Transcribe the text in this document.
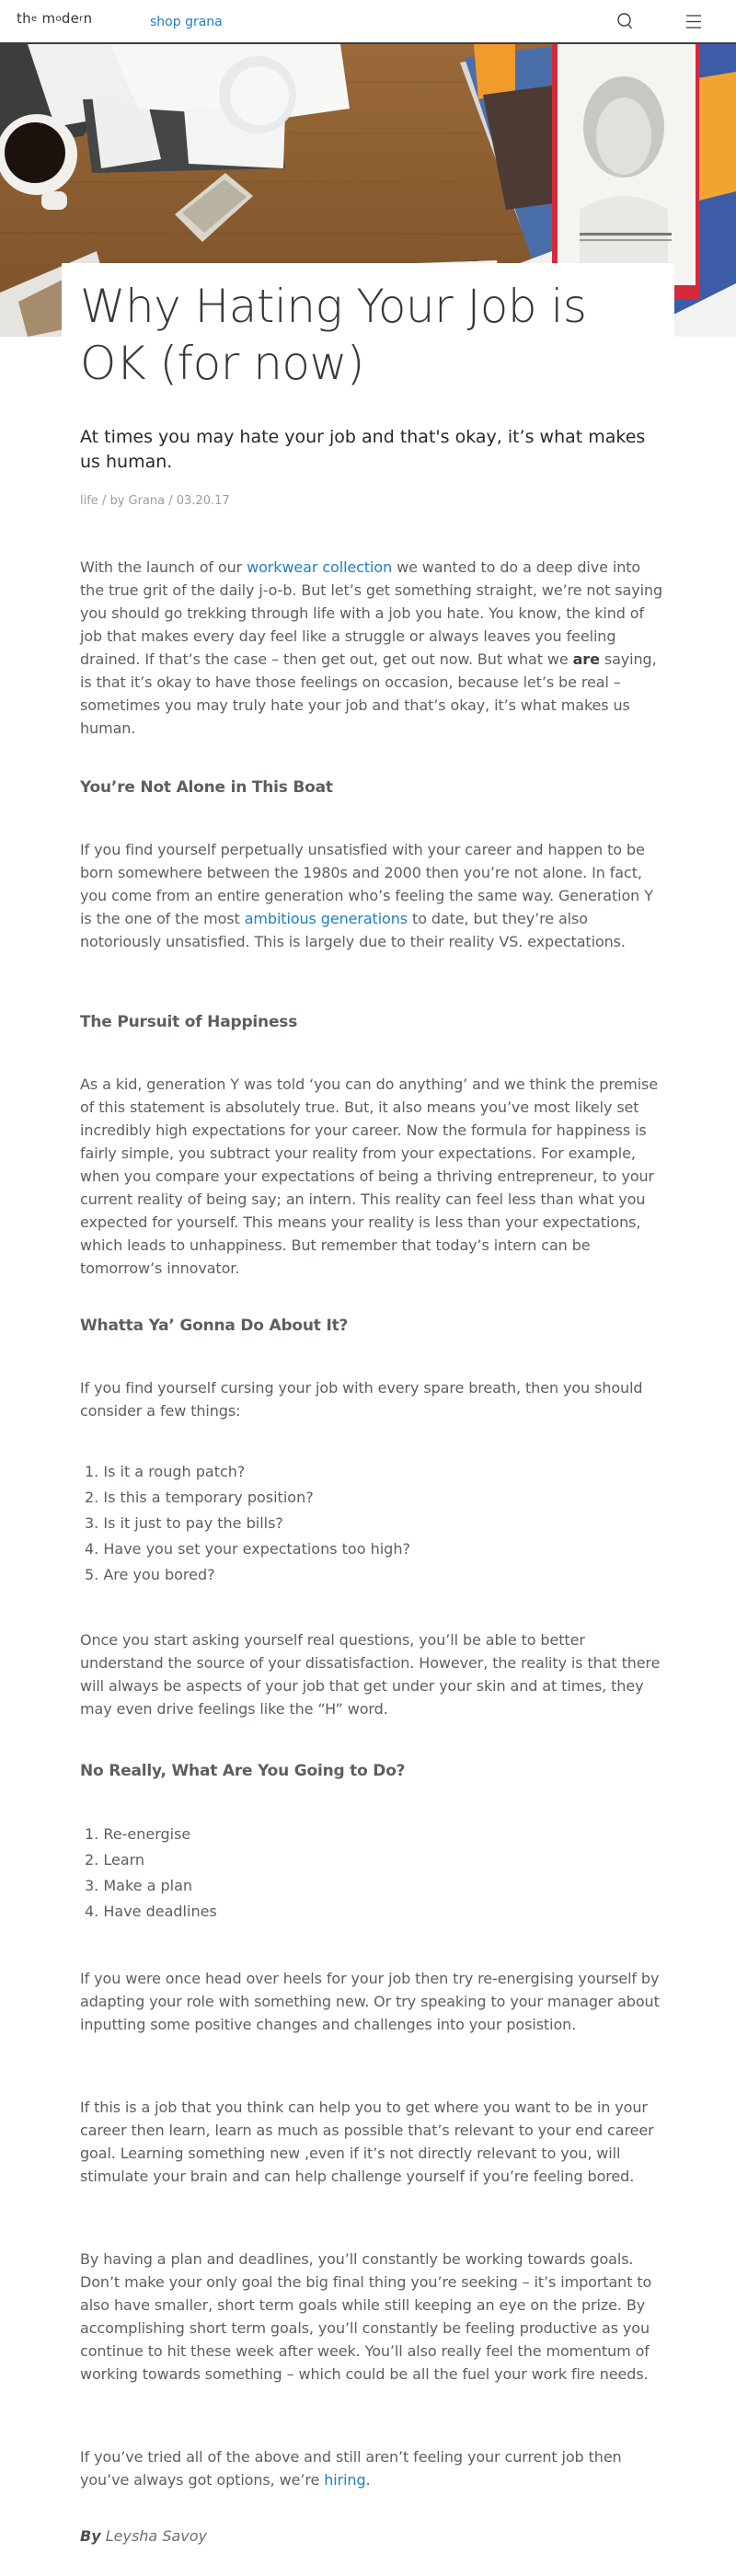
$th^e$ $m^ode^rn$	shop grana
Why Hating Your Job is OK (for now)

At times you may hate your job and that's okay, it’s what makes us human.

life / by Grana / 03.20.17

With the launch of our workwear collection we wanted to do a deep dive into the true grit of the daily j-o-b. But let’s get something straight, we’re not saying you should go trekking through life with a job you hate. You know, the kind of job that makes every day feel like a struggle or always leaves you feeling drained. If that’s the case – then get out, get out now. But what we are saying, is that it’s okay to have those feelings on occasion, because let’s be real – sometimes you may truly hate your job and that’s okay, it’s what makes us human.

You’re Not Alone in This Boat

If you find yourself perpetually unsatisfied with your career and happen to be born somewhere between the 1980s and 2000 then you’re not alone. In fact, you come from an entire generation who’s feeling the same way. Generation Y is the one of the most ambitious generations to date, but they’re also notoriously unsatisfied. This is largely due to their reality VS. expectations.

The Pursuit of Happiness

As a kid, generation Y was told ‘you can do anything’ and we think the premise of this statement is absolutely true. But, it also means you’ve most likely set incredibly high expectations for your career. Now the formula for happiness is fairly simple, you subtract your reality from your expectations. For example, when you compare your expectations of being a thriving entrepreneur, to your current reality of being say; an intern. This reality can feel less than what you expected for yourself. This means your reality is less than your expectations, which leads to unhappiness. But remember that today’s intern can be tomorrow’s innovator.

Whatta Ya’ Gonna Do About It?

If you find yourself cursing your job with every spare breath, then you should consider a few things:

1. Is it a rough patch?
2. Is this a temporary position?
3. Is it just to pay the bills?
4. Have you set your expectations too high?
5. Are you bored?

Once you start asking yourself real questions, you’ll be able to better understand the source of your dissatisfaction. However, the reality is that there will always be aspects of your job that get under your skin and at times, they may even drive feelings like the “H” word.

No Really, What Are You Going to Do?
1. Re-energise
2. Learn
3. Make a plan
4. Have deadlines

If you were once head over heels for your job then try re-energising yourself by adapting your role with something new. Or try speaking to your manager about inputting some positive changes and challenges into your posistion.

If this is a job that you think can help you to get where you want to be in your career then learn, learn as much as possible that’s relevant to your end career goal. Learning something new ,even if it’s not directly relevant to you, will stimulate your brain and can help challenge yourself if you’re feeling bored.

By having a plan and deadlines, you’ll constantly be working towards goals. Don’t make your only goal the big final thing you’re seeking – it’s important to also have smaller, short term goals while still keeping an eye on the prize. By accomplishing short term goals, you’ll constantly be feeling productive as you continue to hit these week after week. You’ll also really feel the momentum of working towards something – which could be all the fuel your work fire needs.

If you’ve tried all of the above and still aren’t feeling your current job then you’ve always got options, we’re hiring.

By Leysha Savoy
